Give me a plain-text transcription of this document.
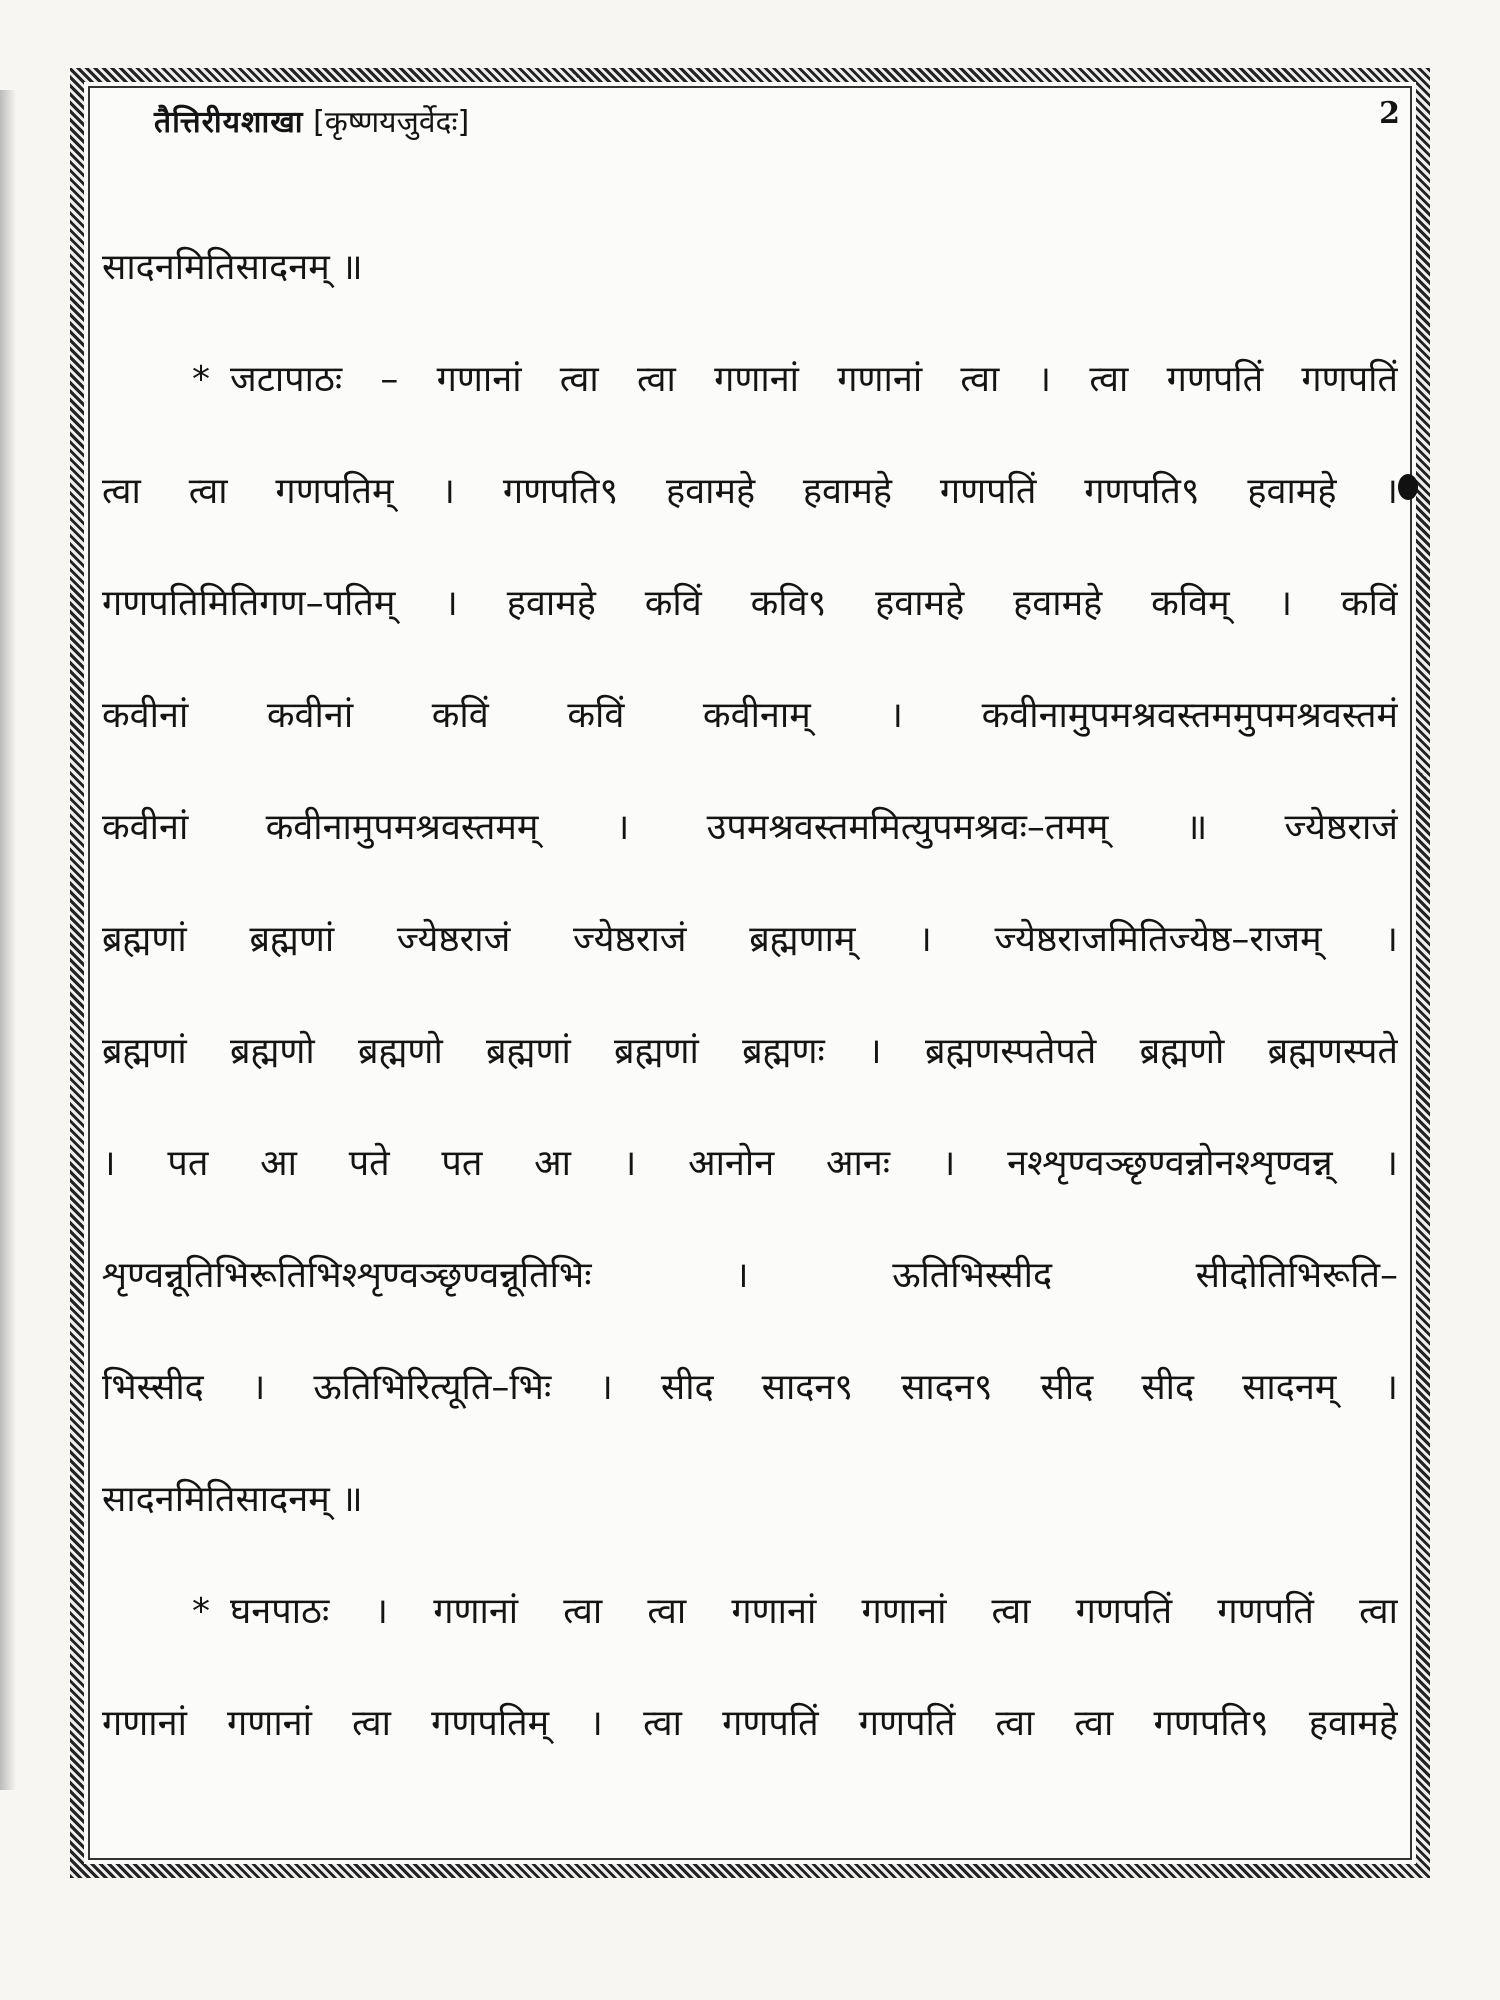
तैत्तिरीयशाखा [कृष्णयजुर्वेदः]	2
सादनमितिसादनम् ॥
* जटापाठः – गणानां त्वा त्वा गणानां गणानां त्वा । त्वा गणपतिं गणपतिं
त्वा त्वा गणपतिम् । गणपति९ हवामहे हवामहे गणपतिं गणपति९ हवामहे ।
गणपतिमितिगण–पतिम् । हवामहे कविं कवि९ हवामहे हवामहे कविम् । कविं
कवीनां कवीनां कविं कविं कवीनाम् । कवीनामुपमश्रवस्तममुपमश्रवस्तमं
कवीनां कवीनामुपमश्रवस्तमम् । उपमश्रवस्तममित्युपमश्रवः–तमम् ॥ ज्येष्ठराजं
ब्रह्मणां ब्रह्मणां ज्येष्ठराजं ज्येष्ठराजं ब्रह्मणाम् । ज्येष्ठराजमितिज्येष्ठ–राजम् ।
ब्रह्मणां ब्रह्मणो ब्रह्मणो ब्रह्मणां ब्रह्मणां ब्रह्मणः । ब्रह्मणस्पतेपते ब्रह्मणो ब्रह्मणस्पते
। पत आ पते पत आ । आनोन आनः । नश्शृण्वञ्छृण्वन्नोनश्शृण्वन्न् ।
शृण्वन्नूतिभिरूतिभिश्शृण्वञ्छृण्वन्नूतिभिः । ऊतिभिस्सीद सीदोतिभिरूति–
भिस्सीद । ऊतिभिरित्यूति–भिः । सीद सादन९ सादन९ सीद सीद सादनम् ।
सादनमितिसादनम् ॥
* घनपाठः । गणानां त्वा त्वा गणानां गणानां त्वा गणपतिं गणपतिं त्वा
गणानां गणानां त्वा गणपतिम् । त्वा गणपतिं गणपतिं त्वा त्वा गणपति९ हवामहे
